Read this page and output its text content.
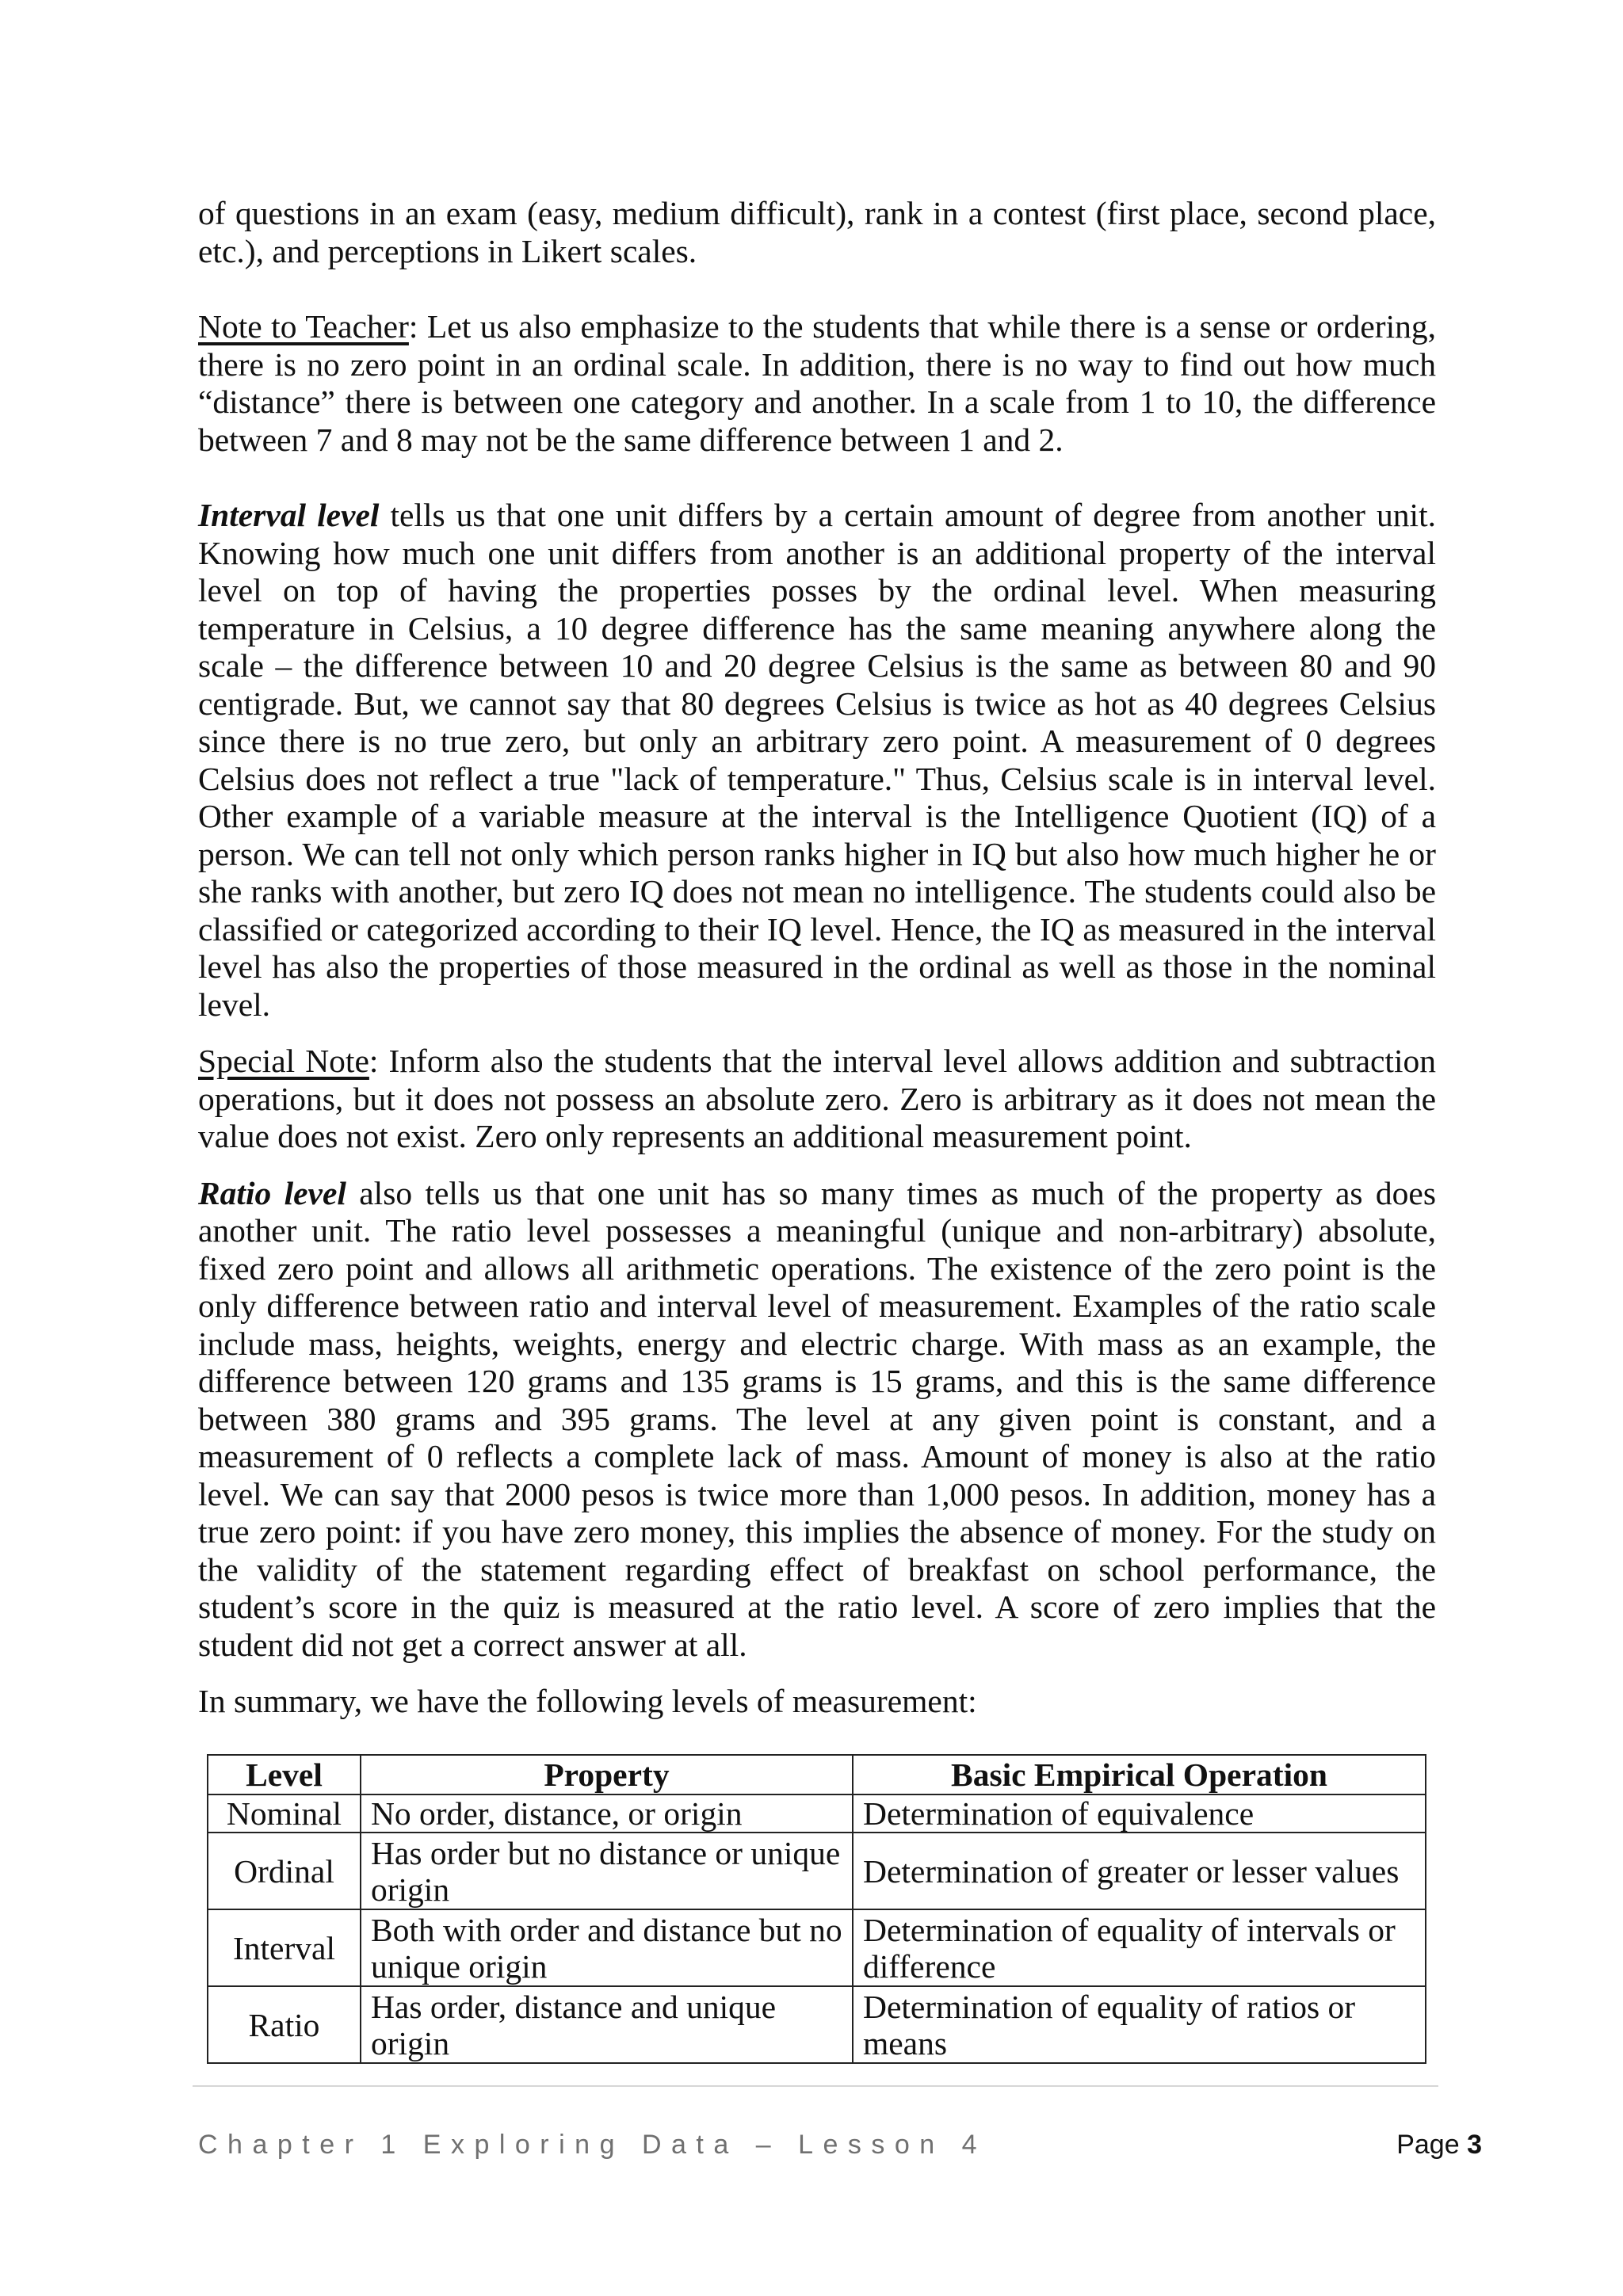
of questions in an exam (easy, medium difficult), rank in a contest (first place, second place, etc.), and perceptions in Likert scales.

Note to Teacher: Let us also emphasize to the students that while there is a sense or ordering, there is no zero point in an ordinal scale. In addition, there is no way to find out how much “distance” there is between one category and another. In a scale from 1 to 10, the difference between 7 and 8 may not be the same difference between 1 and 2.

Interval level tells us that one unit differs by a certain amount of degree from another unit. Knowing how much one unit differs from another is an additional property of the interval level on top of having the properties posses by the ordinal level. When measuring temperature in Celsius, a 10 degree difference has the same meaning anywhere along the scale – the difference between 10 and 20 degree Celsius is the same as between 80 and 90 centigrade. But, we cannot say that 80 degrees Celsius is twice as hot as 40 degrees Celsius since there is no true zero, but only an arbitrary zero point. A measurement of 0 degrees Celsius does not reflect a true "lack of temperature." Thus, Celsius scale is in interval level. Other example of a variable measure at the interval is the Intelligence Quotient (IQ) of a person. We can tell not only which person ranks higher in IQ but also how much higher he or she ranks with another, but zero IQ does not mean no intelligence. The students could also be classified or categorized according to their IQ level. Hence, the IQ as measured in the interval level has also the properties of those measured in the ordinal as well as those in the nominal level.

Special Note: Inform also the students that the interval level allows addition and subtraction operations, but it does not possess an absolute zero. Zero is arbitrary as it does not mean the value does not exist. Zero only represents an additional measurement point.

Ratio level also tells us that one unit has so many times as much of the property as does another unit. The ratio level possesses a meaningful (unique and non-arbitrary) absolute, fixed zero point and allows all arithmetic operations. The existence of the zero point is the only difference between ratio and interval level of measurement. Examples of the ratio scale include mass, heights, weights, energy and electric charge. With mass as an example, the difference between 120 grams and 135 grams is 15 grams, and this is the same difference between 380 grams and 395 grams. The level at any given point is constant, and a measurement of 0 reflects a complete lack of mass. Amount of money is also at the ratio level. We can say that 2000 pesos is twice more than 1,000 pesos. In addition, money has a true zero point: if you have zero money, this implies the absence of money. For the study on the validity of the statement regarding effect of breakfast on school performance, the student’s score in the quiz is measured at the ratio level. A score of zero implies that the student did not get a correct answer at all.

In summary, we have the following levels of measurement:

Level	Property	Basic Empirical Operation
Nominal	No order, distance, or origin	Determination of equivalence
Ordinal	Has order but no distance or unique origin	Determination of greater or lesser values
Interval	Both with order and distance but no unique origin	Determination of equality of intervals or difference
Ratio	Has order, distance and unique origin	Determination of equality of ratios or means
Chapter 1 Exploring Data – Lesson 4	Page 3
